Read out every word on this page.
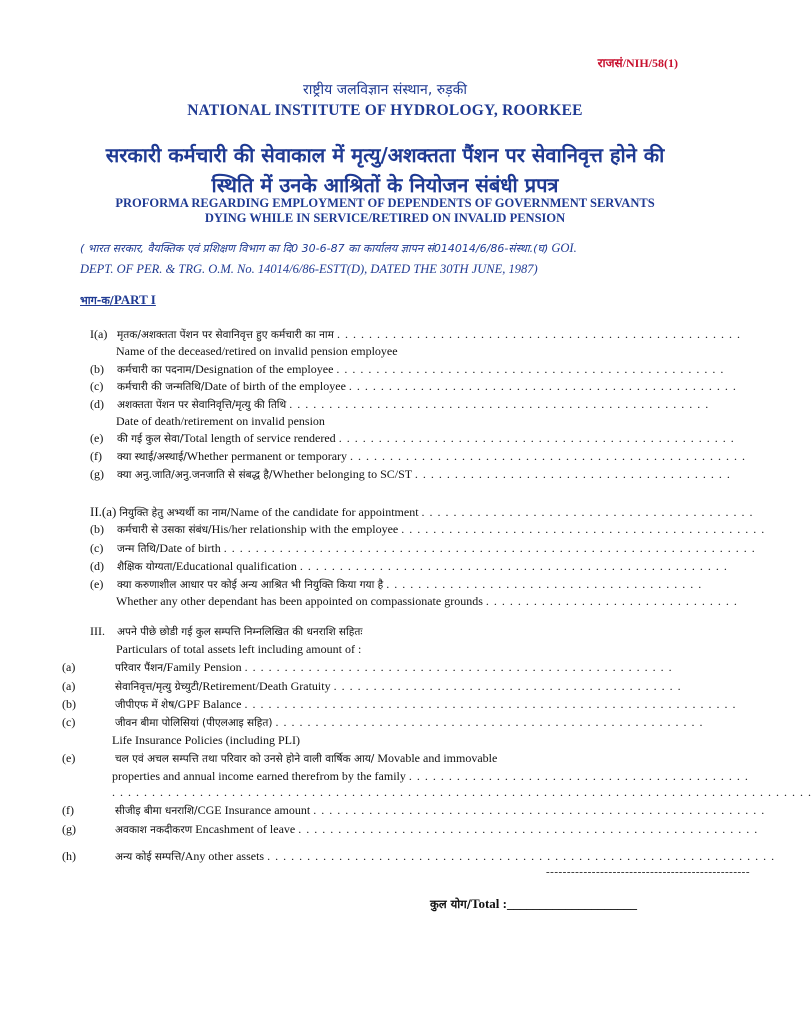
राजसं/NIH/58(1)
राष्ट्रीय जलविज्ञान संस्थान, रुड़की
NATIONAL INSTITUTE OF HYDROLOGY, ROORKEE
सरकारी कर्मचारी की सेवाकाल में मृत्यु/अशक्तता पैंशन पर सेवानिवृत्त होने की
स्थिति में उनके आश्रितों के नियोजन संबंधी प्रपत्र
PROFORMA REGARDING EMPLOYMENT OF DEPENDENTS OF GOVERNMENT SERVANTS
DYING WHILE IN SERVICE/RETIRED ON INVALID PENSION
( भारत सरकार, वैयक्तिक एवं प्रशिक्षण विभाग का दि0 30-6-87 का कार्यालय ज्ञापन सं014014/6/86-संस्था.(घ) GOI.
DEPT. OF PER. & TRG. O.M. No. 14014/6/86-ESTT(D), DATED THE 30TH JUNE, 1987)
भाग-क/PART I
I(a) मृतक/अशक्तता पेंशन पर सेवानिवृत्त हुए कर्मचारी का नाम . . . . . . . . . . . . . . . . . . . . . . . . . . . . . . . . . . . . . . . . . . . . . . . . . . .
Name of the deceased/retired on invalid pension employee
(b) कर्मचारी का पदनाम/Designation of the employee . . . . . . . . . . . . . . . . . . . . . . . . . . . . . . . . . . . . . . . . . . . . . . . . .
(c) कर्मचारी की जन्मतिथि/Date of birth of the employee . . . . . . . . . . . . . . . . . . . . . . . . . . . . . . . . . . . . . . . . . . . . . . . . .
(d) अशक्तता पेंशन पर सेवानिवृत्ति/मृत्यु की तिथि . . . . . . . . . . . . . . . . . . . . . . . . . . . . . . . . . . . . . . . . . . . . . . . . . . . . .
Date of death/retirement on invalid pension
(e) की गई कुल सेवा/Total length of service rendered . . . . . . . . . . . . . . . . . . . . . . . . . . . . . . . . . . . . . . . . . . . . . . . . . .
(f) क्या स्थाई/अस्थाई/Whether permanent or temporary . . . . . . . . . . . . . . . . . . . . . . . . . . . . . . . . . . . . . . . . . . . . . . . . . .
(g) क्या अनु.जाति/अनु.जनजाति से संबद्ध है/Whether belonging to SC/ST . . . . . . . . . . . . . . . . . . . . . . . . . . . . . . . . . . . . . . . .
II.(a) नियुक्ति हेतु अभ्यर्थी का नाम/Name of the candidate for appointment . . . . . . . . . . . . . . . . . . . . . . . . . . . . . . . . . . . . . . . . . .
(b) कर्मचारी से उसका संबंध/His/her relationship with the employee . . . . . . . . . . . . . . . . . . . . . . . . . . . . . . . . . . . . . . . . . . . . . .
(c) जन्म तिथि/Date of birth . . . . . . . . . . . . . . . . . . . . . . . . . . . . . . . . . . . . . . . . . . . . . . . . . . . . . . . . . . . . . . . . . . .
(d) शैक्षिक योग्यता/Educational qualification . . . . . . . . . . . . . . . . . . . . . . . . . . . . . . . . . . . . . . . . . . . . . . . . . . . . . .
(e) क्या करुणाशील आधार पर कोई अन्य आश्रित भी नियुक्ति किया गया है . . . . . . . . . . . . . . . . . . . . . . . . . . . . . . . . . . . . . . . .
Whether any other dependant has been appointed on compassionate grounds . . . . . . . . . . . . . . . . . . . . . . . . . . . . . . . .
III. अपने पीछे छोडी गई कुल सम्पत्ति निम्नलिखित की धनराशि सहितः
Particulars of total assets left including amount of :
(a)	परिवार पैंशन/Family Pension . . . . . . . . . . . . . . . . . . . . . . . . . . . . . . . . . . . . . . . . . . . . . . . . . . . . . .
(a)	सेवानिवृत्त/मृत्यु ग्रेच्युटी/Retirement/Death Gratuity . . . . . . . . . . . . . . . . . . . . . . . . . . . . . . . . . . . . . . . . . . . .
(b)	जीपीएफ में शेष/GPF Balance . . . . . . . . . . . . . . . . . . . . . . . . . . . . . . . . . . . . . . . . . . . . . . . . . . . . . . . . . . . . . .
(c)	जीवन बीमा पोलिसियां (पीएलआइ सहित) . . . . . . . . . . . . . . . . . . . . . . . . . . . . . . . . . . . . . . . . . . . . . . . . . . . . . .
Life Insurance Policies (including PLI)
(e)	चल एवं अचल सम्पत्ति तथा परिवार को उनसे होने वाली वार्षिक आय/ Movable and immovable
properties and annual income earned therefrom by the family . . . . . . . . . . . . . . . . . . . . . . . . . . . . . . . . . . . . . . . . . . .
. . . . . . . . . . . . . . . . . . . . . . . . . . . . . . . . . . . . . . . . . . . . . . . . . . . . . . . . . . . . . . . . . . . . . . . . . . . . . . . . . . . . . . . .
(f)	सीजीइ बीमा धनराशि/CGE Insurance amount . . . . . . . . . . . . . . . . . . . . . . . . . . . . . . . . . . . . . . . . . . . . . . . . . . . . . . . . .
(g)	अवकाश नकदीकरण Encashment of leave . . . . . . . . . . . . . . . . . . . . . . . . . . . . . . . . . . . . . . . . . . . . . . . . . . . . . . . . . .
(h)	अन्य कोई सम्पत्ति/Any other assets . . . . . . . . . . . . . . . . . . . . . . . . . . . . . . . . . . . . . . . . . . . . . . . . . . . . . . . . . . . . . . . .
-------------------------------------------------
कुल योग/Total :____________________
